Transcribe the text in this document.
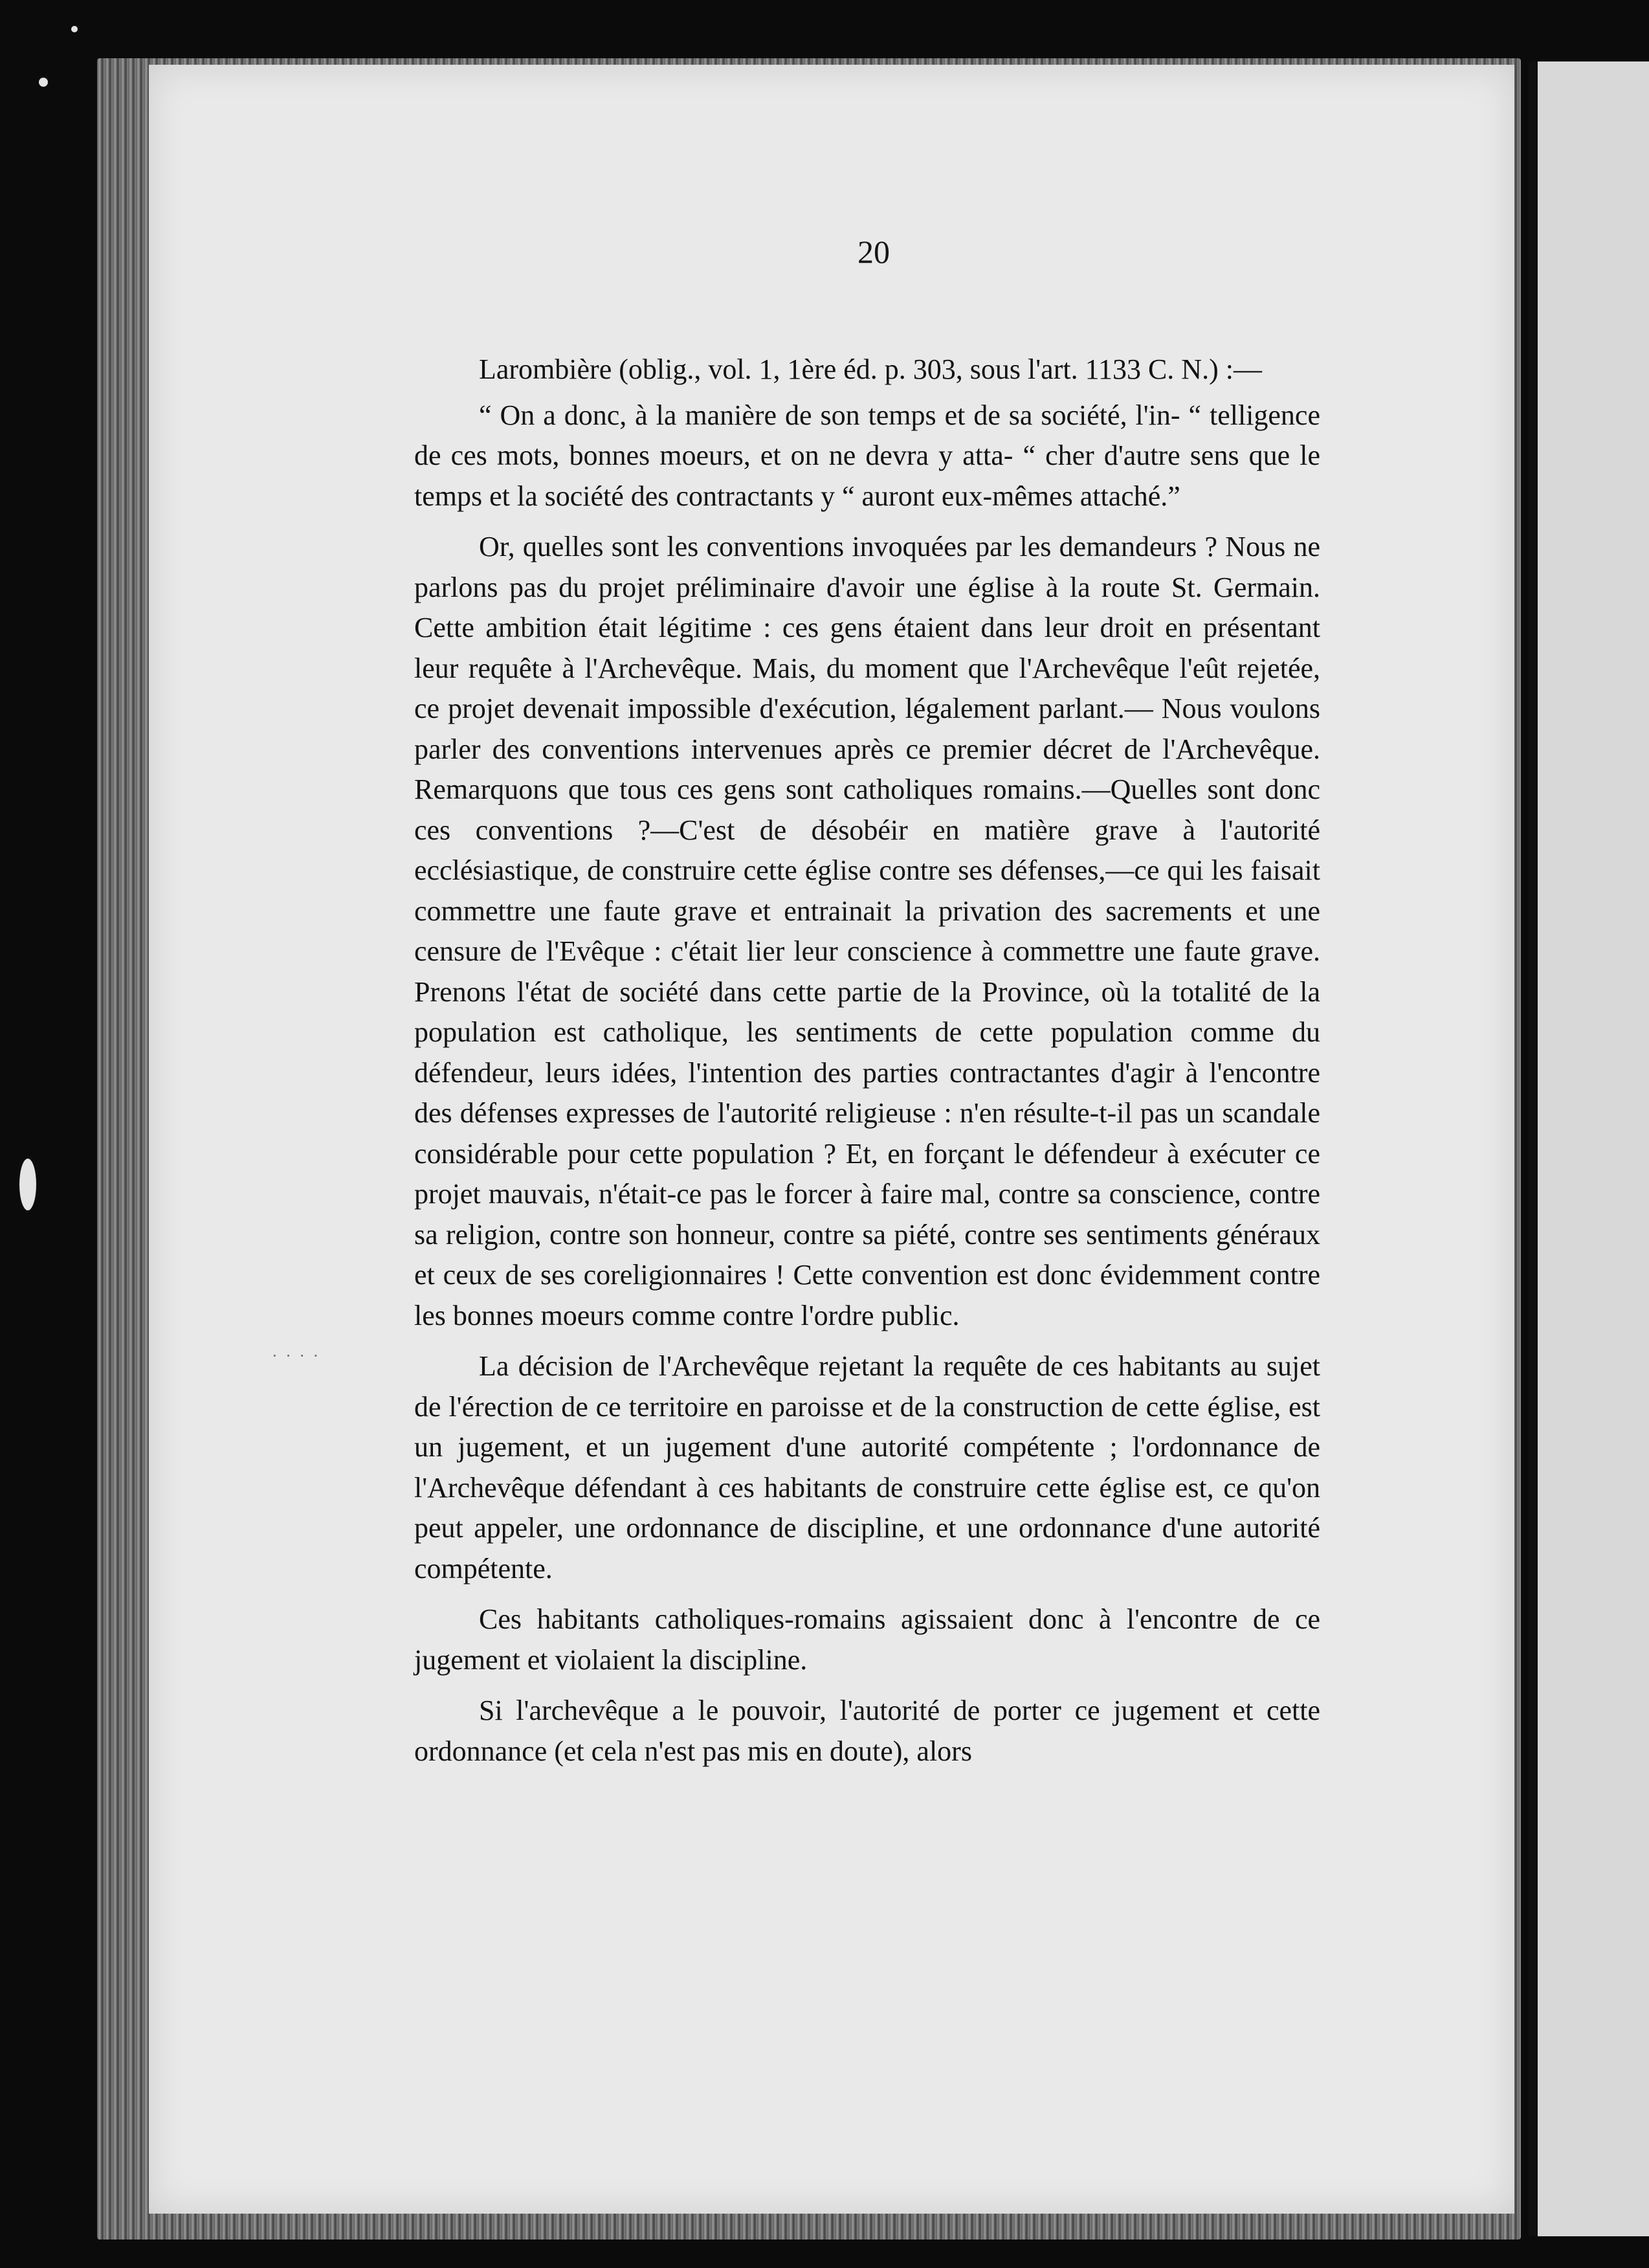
20
· · · ·

Larombière (oblig., vol. 1, 1ère éd. p. 303, sous l'art. 1133 C. N.) :—

“ On a donc, à la manière de son temps et de sa société, l'in- “ telligence de ces mots, bonnes moeurs, et on ne devra y atta- “ cher d'autre sens que le temps et la société des contractants y “ auront eux-mêmes attaché.”

Or, quelles sont les conventions invoquées par les demandeurs ? Nous ne parlons pas du projet préliminaire d'avoir une église à la route St. Germain. Cette ambition était légitime : ces gens étaient dans leur droit en présentant leur requête à l'Archevêque. Mais, du moment que l'Archevêque l'eût rejetée, ce projet devenait impossible d'exécution, légalement parlant.— Nous voulons parler des conventions intervenues après ce premier décret de l'Archevêque. Remarquons que tous ces gens sont catholiques romains.—Quelles sont donc ces conventions ?—C'est de désobéir en matière grave à l'autorité ecclésiastique, de construire cette église contre ses défenses,—ce qui les faisait commettre une faute grave et entrainait la privation des sacrements et une censure de l'Evêque : c'était lier leur conscience à commettre une faute grave. Prenons l'état de société dans cette partie de la Province, où la totalité de la population est catholique, les sentiments de cette population comme du défendeur, leurs idées, l'intention des parties contractantes d'agir à l'encontre des défenses expresses de l'autorité religieuse : n'en résulte-t-il pas un scandale considérable pour cette population ? Et, en forçant le défendeur à exécuter ce projet mauvais, n'était-ce pas le forcer à faire mal, contre sa conscience, contre sa religion, contre son honneur, contre sa piété, contre ses sentiments généraux et ceux de ses coreligionnaires ! Cette convention est donc évidemment contre les bonnes moeurs comme contre l'ordre public.

La décision de l'Archevêque rejetant la requête de ces habitants au sujet de l'érection de ce territoire en paroisse et de la construction de cette église, est un jugement, et un jugement d'une autorité compétente ; l'ordonnance de l'Archevêque défendant à ces habitants de construire cette église est, ce qu'on peut appeler, une ordonnance de discipline, et une ordonnance d'une autorité compétente.

Ces habitants catholiques-romains agissaient donc à l'encontre de ce jugement et violaient la discipline.

Si l'archevêque a le pouvoir, l'autorité de porter ce jugement et cette ordonnance (et cela n'est pas mis en doute), alors
